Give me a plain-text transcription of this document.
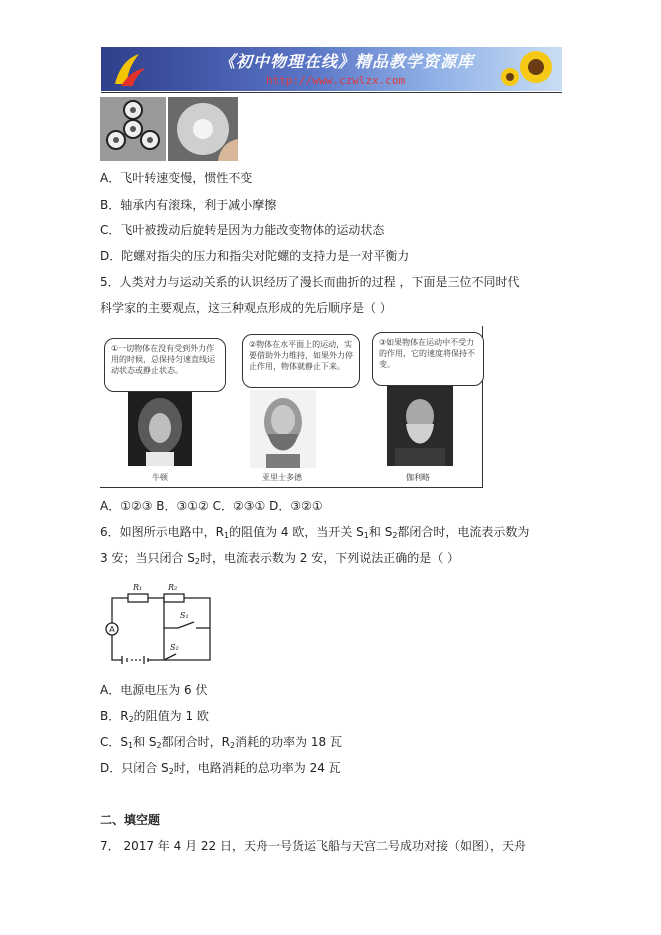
《初中物理在线》精品教学资源库
http://www.czwlzx.com
A．飞叶转速变慢，惯性不变
B．轴承内有滚珠，利于减小摩擦
C．飞叶被拨动后旋转是因为力能改变物体的运动状态
D．陀螺对指尖的压力和指尖对陀螺的支持力是一对平衡力
5．人类对力与运动关系的认识经历了漫长而曲折的过程 ，下面是三位不同时代
科学家的主要观点，这三种观点形成的先后顺序是（ ）
①一切物体在没有受到外力作用的时候，总保持匀速直线运动状态或静止状态。
②物体在水平面上的运动，实要借助外力维持，如果外力停止作用，物体就静止下来。
③如果物体在运动中不受力的作用，它的速度将保持不变。
牛顿	亚里士多德	伽利略
A．①②③ B．③①② C．②③① D．③②①
6．如图所示电路中，$R_1$的阻值为 4 欧，当开关 $S_1$和 $S_2$都闭合时，电流表示数为
3 安；当只闭合 $S_2$时，电流表示数为 2 安，下列说法正确的是（ ）
A
R₁	R₂
S₁
S₂
A．电源电压为 6 伏
B．$R_2$的阻值为 1 欧
C．$S_1$和 $S_2$都闭合时，$R_2$消耗的功率为 18 瓦
D．只闭合 $S_2$时，电路消耗的总功率为 24 瓦
二、填空题
7． 2017 年 4 月 22 日，天舟一号货运飞船与天宫二号成功对接（如图），天舟
